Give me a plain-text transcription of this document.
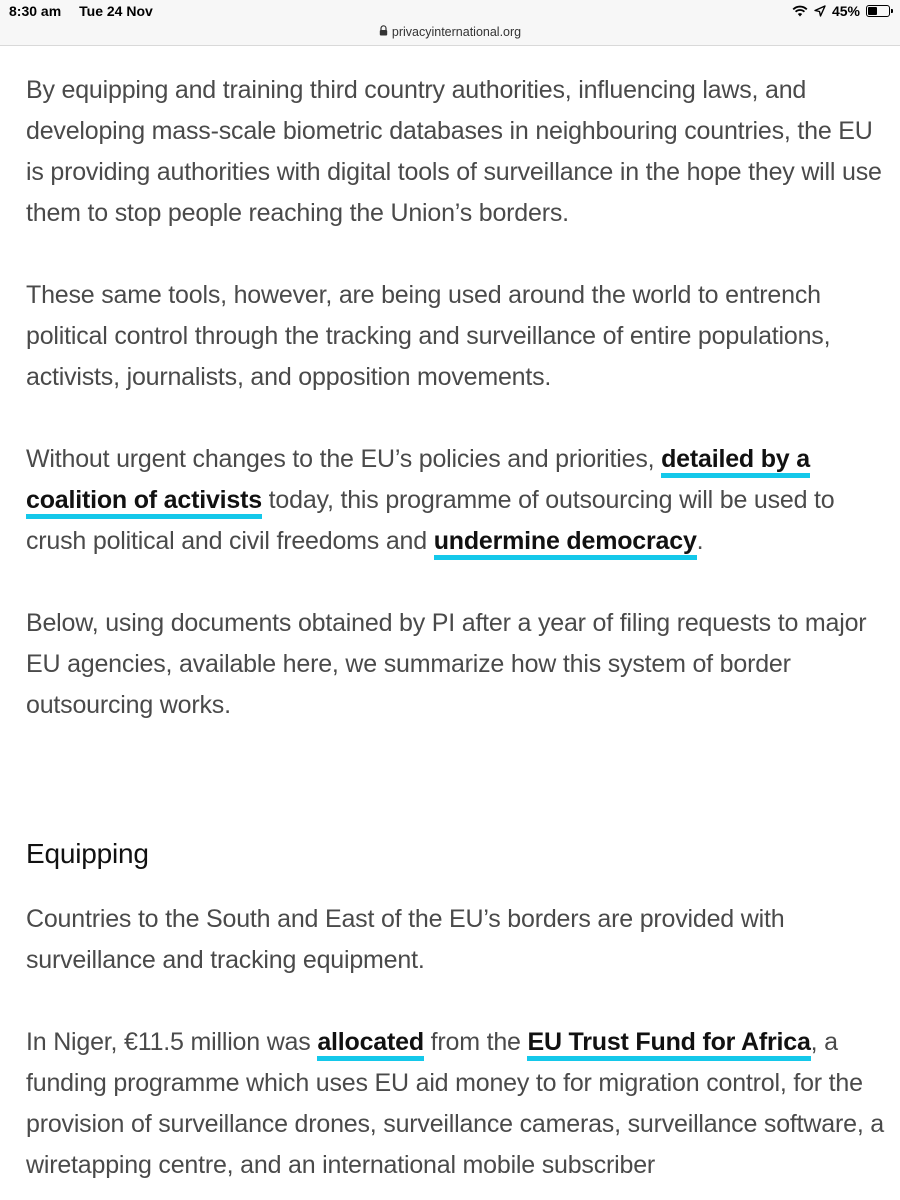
8:30 am Tue 24 Nov	45%
privacyinternational.org

By equipping and training third country authorities, influencing laws, and developing mass-scale biometric databases in neighbouring countries, the EU is providing authorities with digital tools of surveillance in the hope they will use them to stop people reaching the Union’s borders.

These same tools, however, are being used around the world to entrench political control through the tracking and surveillance of entire populations, activists, journalists, and opposition movements.

Without urgent changes to the EU’s policies and priorities, detailed by a coalition of activists today, this programme of outsourcing will be used to crush political and civil freedoms and undermine democracy.

Below, using documents obtained by PI after a year of filing requests to major EU agencies, available here, we summarize how this system of border outsourcing works.

Equipping

Countries to the South and East of the EU’s borders are provided with surveillance and tracking equipment.

In Niger, €11.5 million was allocated from the EU Trust Fund for Africa, a funding programme which uses EU aid money to for migration control, for the provision of surveillance drones, surveillance cameras, surveillance software, a wiretapping centre, and an international mobile subscriber
